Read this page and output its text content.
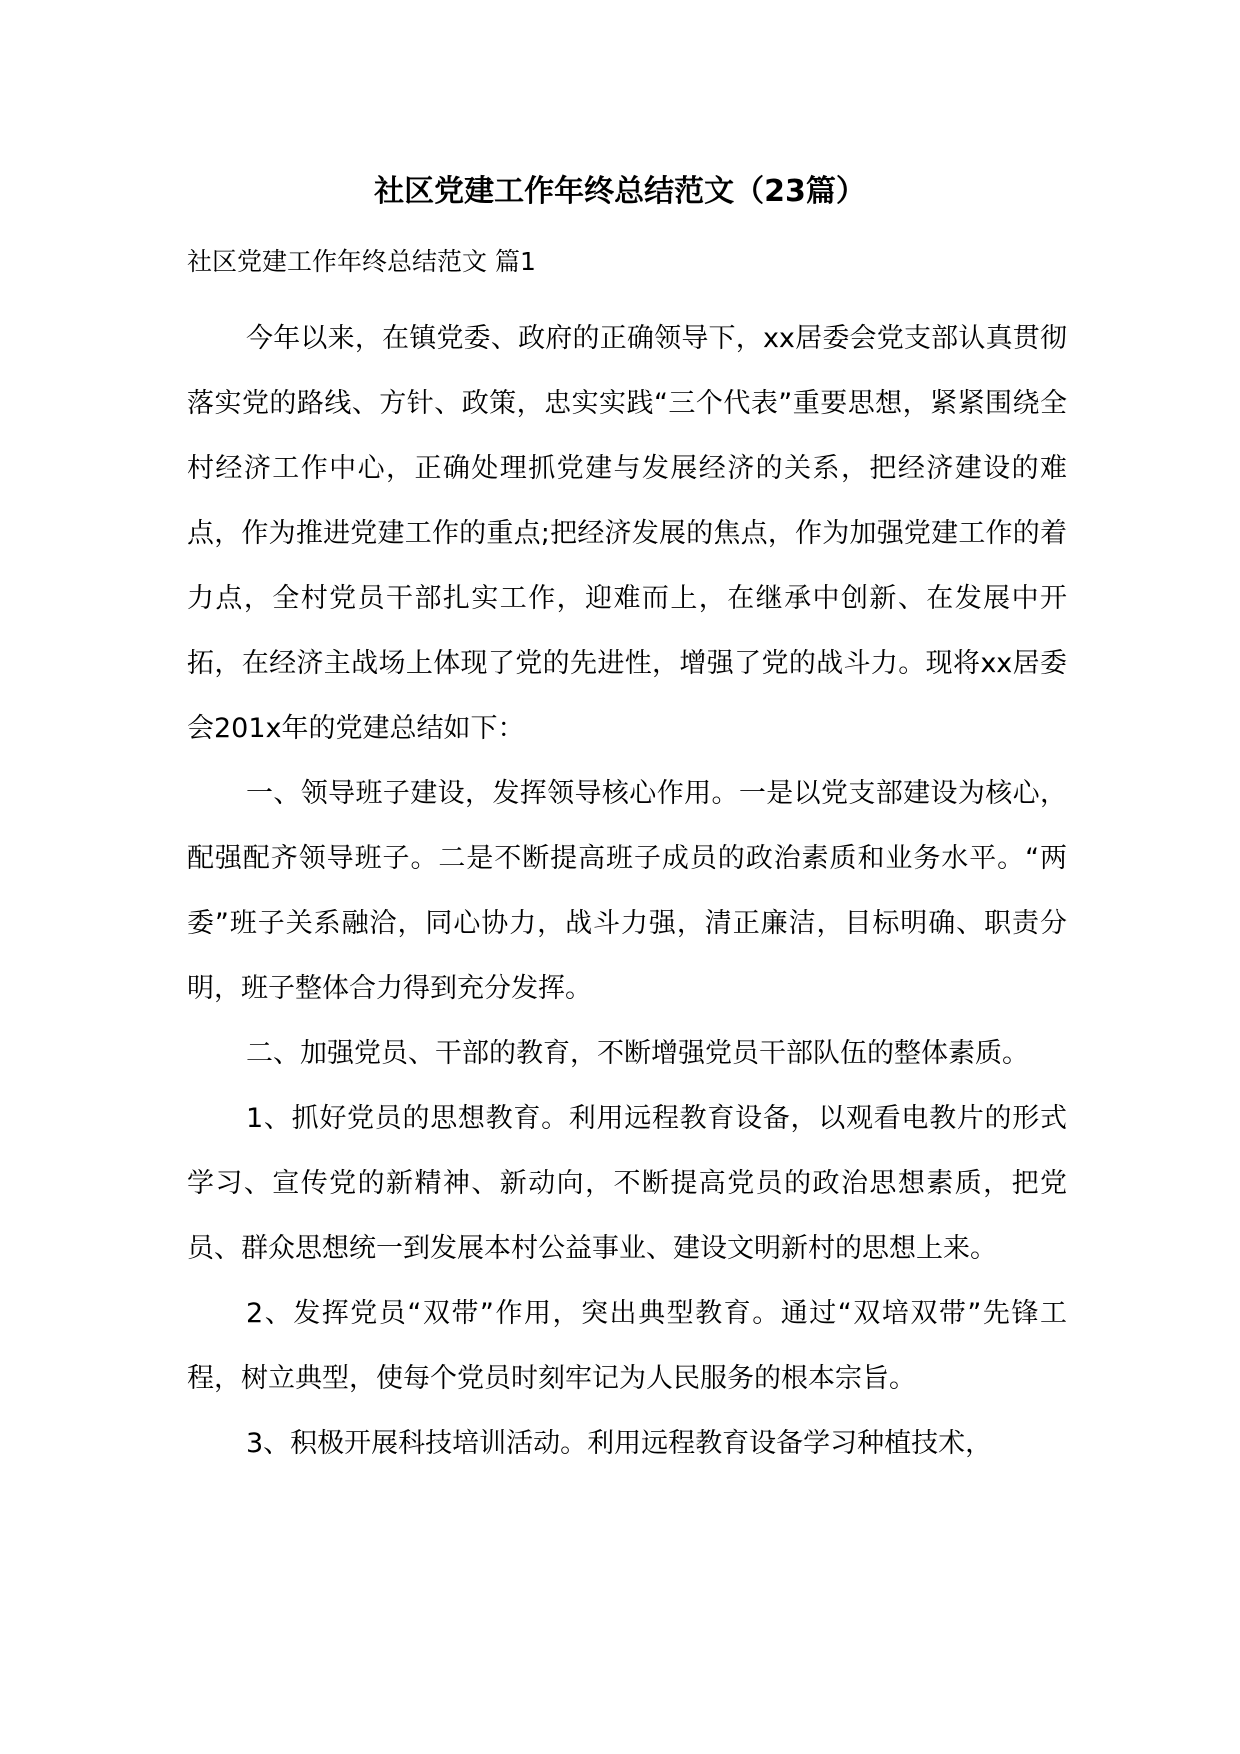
社区党建工作年终总结范文（23篇）
社区党建工作年终总结范文 篇1

今年以来，在镇党委、政府的正确领导下，xx居委会党支部认真贯彻落实党的路线、方针、政策，忠实实践“三个代表”重要思想，紧紧围绕全村经济工作中心，正确处理抓党建与发展经济的关系，把经济建设的难点，作为推进党建工作的重点;把经济发展的焦点，作为加强党建工作的着力点，全村党员干部扎实工作，迎难而上，在继承中创新、在发展中开拓，在经济主战场上体现了党的先进性，增强了党的战斗力。现将xx居委会201x年的党建总结如下：

一、领导班子建设，发挥领导核心作用。一是以党支部建设为核心，配强配齐领导班子。二是不断提高班子成员的政治素质和业务水平。“两委”班子关系融洽，同心协力，战斗力强，清正廉洁，目标明确、职责分明，班子整体合力得到充分发挥。

二、加强党员、干部的教育，不断增强党员干部队伍的整体素质。

1、抓好党员的思想教育。利用远程教育设备，以观看电教片的形式学习、宣传党的新精神、新动向，不断提高党员的政治思想素质，把党员、群众思想统一到发展本村公益事业、建设文明新村的思想上来。

2、发挥党员“双带”作用，突出典型教育。通过“双培双带”先锋工程，树立典型，使每个党员时刻牢记为人民服务的根本宗旨。

3、积极开展科技培训活动。利用远程教育设备学习种植技术，
